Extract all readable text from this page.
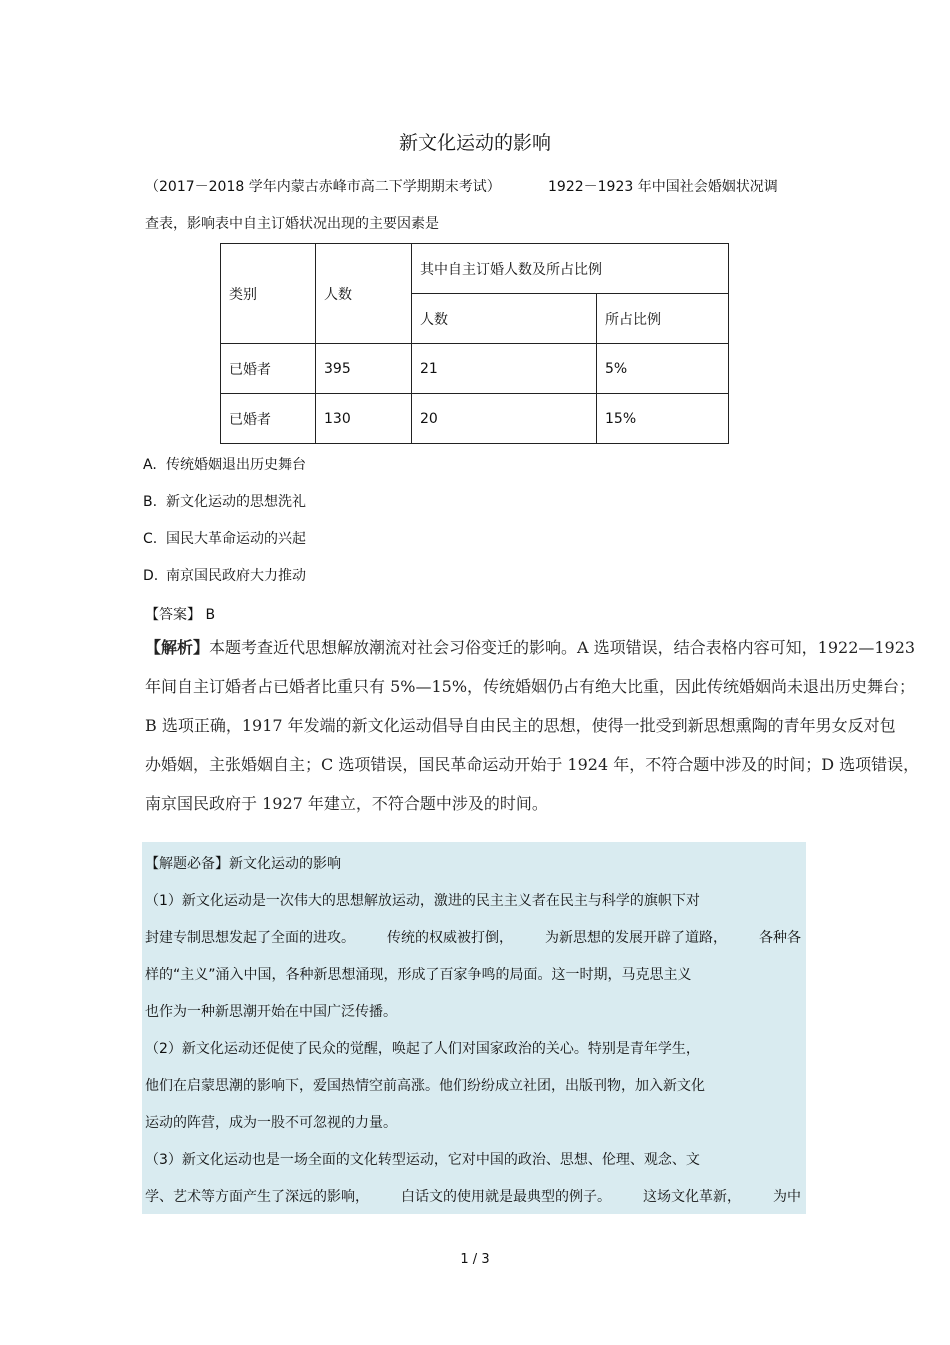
新文化运动的影响
（2017－2018 学年内蒙古赤峰市高二下学期期末考试）	1922－1923 年中国社会婚姻状况调
查表，影响表中自主订婚状况出现的主要因素是
类别	人数	其中自主订婚人数及所占比例	
		人数	所占比例
已婚者	395	21	5%
已婚者	130	20	15%
A. 传统婚姻退出历史舞台
B. 新文化运动的思想洗礼
C. 国民大革命运动的兴起
D. 南京国民政府大力推动
【答案】 B
【解析】本题考查近代思想解放潮流对社会习俗变迁的影响。A 选项错误，结合表格内容可知，1922—1923
年间自主订婚者占已婚者比重只有 5%—15%，传统婚姻仍占有绝大比重，因此传统婚姻尚未退出历史舞台；
B 选项正确，1917 年发端的新文化运动倡导自由民主的思想，使得一批受到新思想熏陶的青年男女反对包
办婚姻，主张婚姻自主；C 选项错误，国民革命运动开始于 1924 年，不符合题中涉及的时间；D 选项错误，
南京国民政府于 1927 年建立，不符合题中涉及的时间。
【解题必备】新文化运动的影响
（1）新文化运动是一次伟大的思想解放运动，激进的民主主义者在民主与科学的旗帜下对
封建专制思想发起了全面的进攻。 传统的权威被打倒， 为新思想的发展开辟了道路， 各种各
样的“主义”涌入中国，各种新思想涌现，形成了百家争鸣的局面。这一时期，马克思主义
也作为一种新思潮开始在中国广泛传播。
（2）新文化运动还促使了民众的觉醒，唤起了人们对国家政治的关心。特别是青年学生，
他们在启蒙思潮的影响下，爱国热情空前高涨。他们纷纷成立社团，出版刊物，加入新文化
运动的阵营，成为一股不可忽视的力量。
（3）新文化运动也是一场全面的文化转型运动，它对中国的政治、思想、伦理、观念、文
学、艺术等方面产生了深远的影响， 白话文的使用就是最典型的例子。 这场文化革新， 为中
1 / 3
